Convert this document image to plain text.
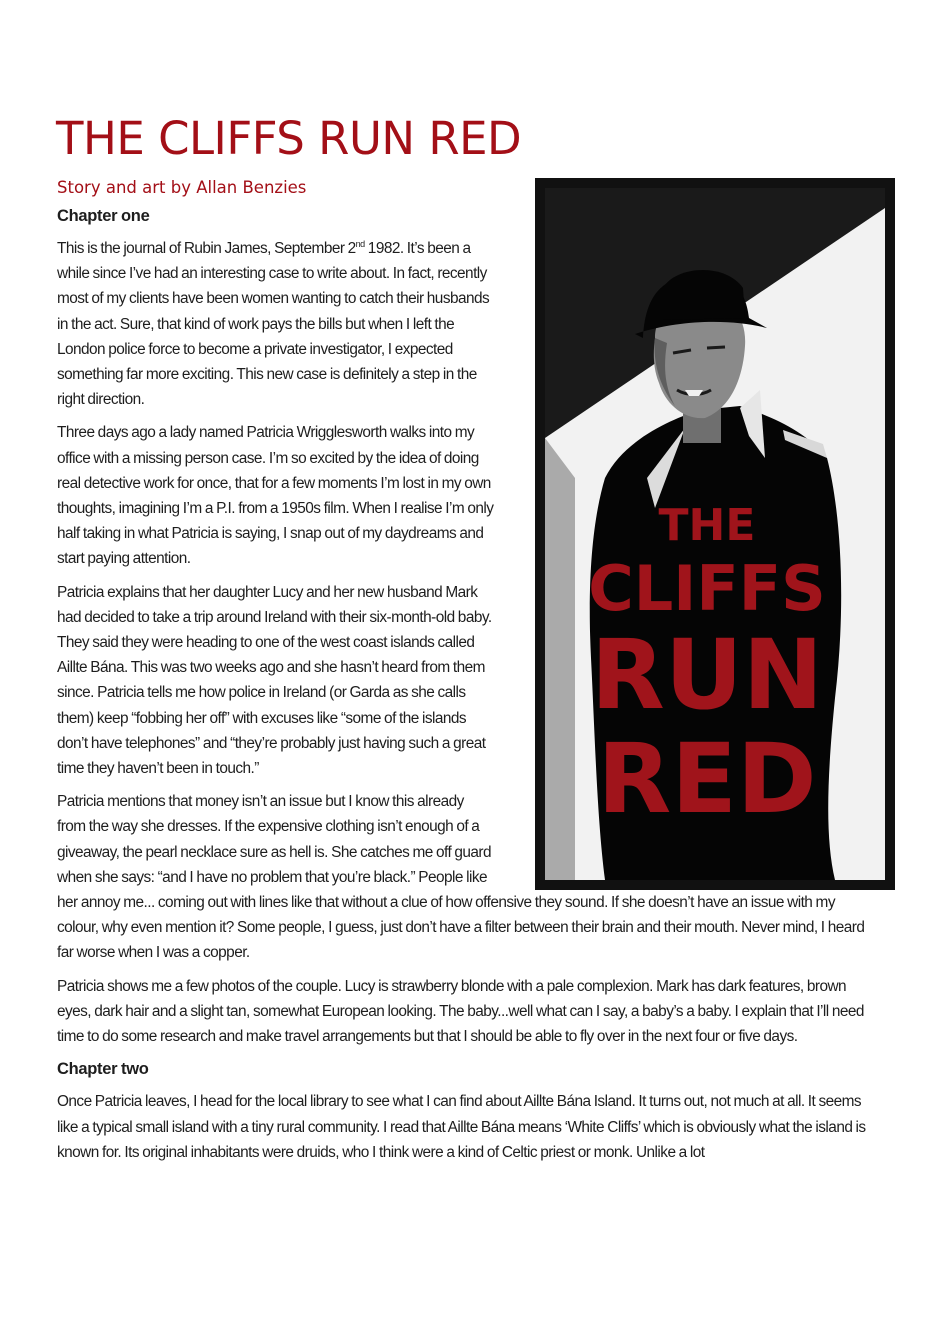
THE CLIFFS RUN RED
Story and art by Allan Benzies
Chapter one

This is the journal of Rubin James, September 2nd 1982. It’s been a while since I’ve had an interesting case to write about. In fact, recently most of my clients have been women wanting to catch their husbands in the act. Sure, that kind of work pays the bills but when I left the London police force to become a private investigator, I expected something far more exciting. This new case is definitely a step in the right direction.

Three days ago a lady named Patricia Wrigglesworth walks into my office with a missing person case. I’m so excited by the idea of doing real detective work for once, that for a few moments I’m lost in my own thoughts, imagining I’m a P.I. from a 1950s film. When I realise I’m only half taking in what Patricia is saying, I snap out of my daydreams and start paying attention.

Patricia explains that her daughter Lucy and her new husband Mark had decided to take a trip around Ireland with their six-month-old baby. They said they were heading to one of the west coast islands called Aillte Bána. This was two weeks ago and she hasn’t heard from them since. Patricia tells me how police in Ireland (or Garda as she calls them) keep “fobbing her off” with excuses like “some of the islands don’t have telephones” and “they’re probably just having such a great time they haven’t been in touch.”

Patricia mentions that money isn’t an issue but I know this already from the way she dresses. If the expensive clothing isn’t enough of a giveaway, the pearl necklace sure as hell is. She catches me off guard when she says: “and I have no problem that you’re black.” People like her annoy me... coming out with lines like that without a clue of how offensive they sound. If she doesn’t have an issue with my colour, why even mention it? Some people, I guess, just don’t have a filter between their brain and their mouth. Never mind, I heard far worse when I was a copper.

Patricia shows me a few photos of the couple. Lucy is strawberry blonde with a pale complexion. Mark has dark features, brown eyes, dark hair and a slight tan, somewhat European looking. The baby...well what can I say, a baby’s a baby. I explain that I’ll need time to do some research and make travel arrangements but that I should be able to fly over in the next four or five days.

Chapter two

Once Patricia leaves, I head for the local library to see what I can find about Aillte Bána Island. It turns out, not much at all. It seems like a typical small island with a tiny rural community. I read that Aillte Bána means ‘White Cliffs’ which is obviously what the island is known for. Its original inhabitants were druids, who I think were a kind of Celtic priest or monk. Unlike a lot

THE
CLIFFS
RUN
RED
